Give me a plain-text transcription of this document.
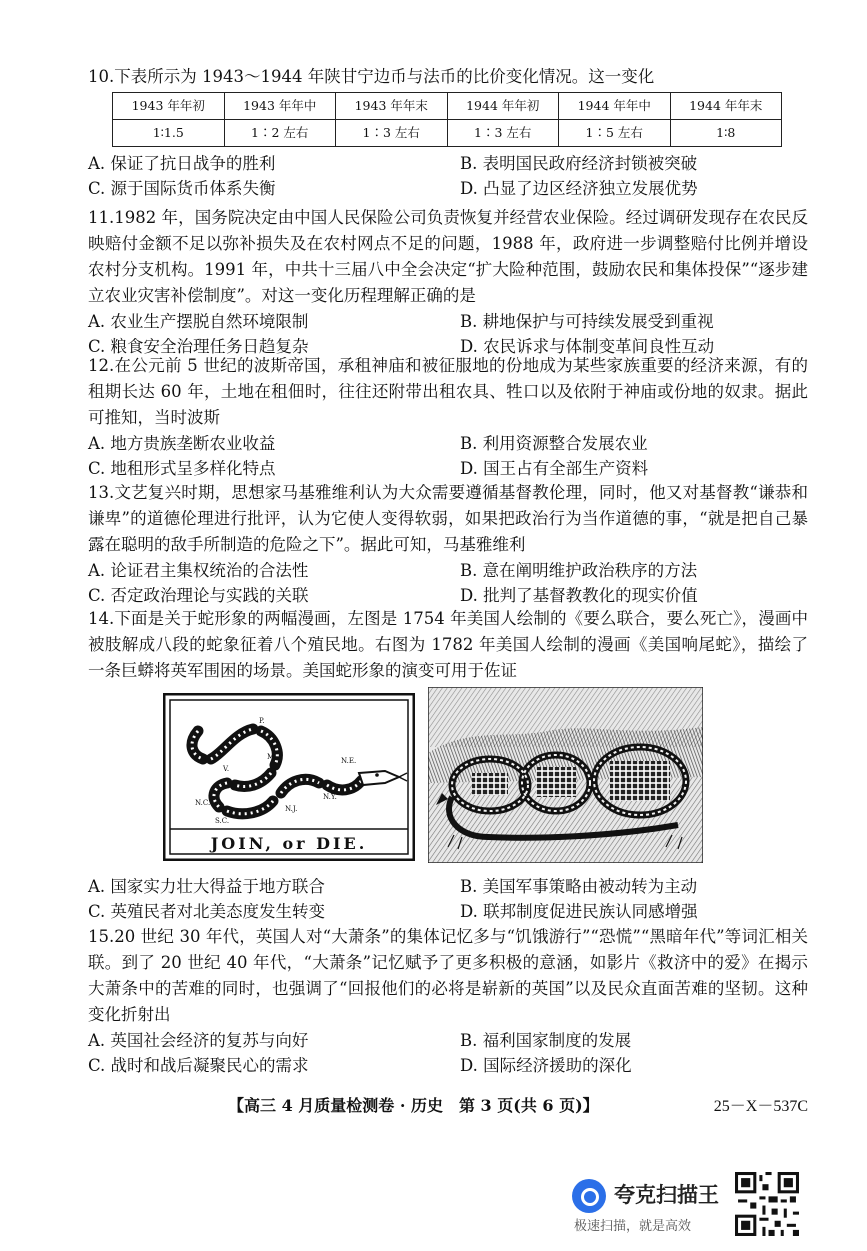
10.下表所示为 1943～1944 年陕甘宁边币与法币的比价变化情况。这一变化

1943 年年初	1943 年年中	1943 年年末	1944 年年初	1944 年年中	1944 年年末
1∶1.5	1∶2 左右	1∶3 左右	1∶3 左右	1∶5 左右	1∶8
A. 保证了抗日战争的胜利	B. 表明国民政府经济封锁被突破
C. 源于国际货币体系失衡	D. 凸显了边区经济独立发展优势

11.1982 年，国务院决定由中国人民保险公司负责恢复并经营农业保险。经过调研发现存在农民反映赔付金额不足以弥补损失及在农村网点不足的问题，1988 年，政府进一步调整赔付比例并增设农村分支机构。1991 年，中共十三届八中全会决定“扩大险种范围，鼓励农民和集体投保”“逐步建立农业灾害补偿制度”。对这一变化历程理解正确的是

A. 农业生产摆脱自然环境限制	B. 耕地保护与可持续发展受到重视
C. 粮食安全治理任务日趋复杂	D. 农民诉求与体制变革间良性互动

12.在公元前 5 世纪的波斯帝国，承租神庙和被征服地的份地成为某些家族重要的经济来源，有的租期长达 60 年，土地在租佃时，往往还附带出租农具、牲口以及依附于神庙或份地的奴隶。据此可推知，当时波斯

A. 地方贵族垄断农业收益	B. 利用资源整合发展农业
C. 地租形式呈多样化特点	D. 国王占有全部生产资料

13.文艺复兴时期，思想家马基雅维利认为大众需要遵循基督教伦理，同时，他又对基督教“谦恭和谦卑”的道德伦理进行批评，认为它使人变得软弱，如果把政治行为当作道德的事，“就是把自己暴露在聪明的敌手所制造的危险之下”。据此可知，马基雅维利

A. 论证君主集权统治的合法性	B. 意在阐明维护政治秩序的方法
C. 否定政治理论与实践的关联	D. 批判了基督教教化的现实价值

14.下面是关于蛇形象的两幅漫画，左图是 1754 年美国人绘制的《要么联合，要么死亡》，漫画中被肢解成八段的蛇象征着八个殖民地。右图为 1782 年美国人绘制的漫画《美国响尾蛇》，描绘了一条巨蟒将英军围困的场景。美国蛇形象的演变可用于佐证

N.E.
N.Y.
N.J.
P.
M.
V.
N.C.
S.C.
JOIN, or DIE.
A. 国家实力壮大得益于地方联合	B. 美国军事策略由被动转为主动
C. 英殖民者对北美态度发生转变	D. 联邦制度促进民族认同感增强

15.20 世纪 30 年代，英国人对“大萧条”的集体记忆多与“饥饿游行”“恐慌”“黑暗年代”等词汇相关联。到了 20 世纪 40 年代，“大萧条”记忆赋予了更多积极的意涵，如影片《救济中的爱》在揭示大萧条中的苦难的同时，也强调了“回报他们的必将是崭新的英国”以及民众直面苦难的坚韧。这种变化折射出

A. 英国社会经济的复苏与向好	B. 福利国家制度的发展
C. 战时和战后凝聚民心的需求	D. 国际经济援助的深化
【高三 4 月质量检测卷 · 历史　第 3 页(共 6 页)】	25－X－537C
夸克扫描王
极速扫描，就是高效
